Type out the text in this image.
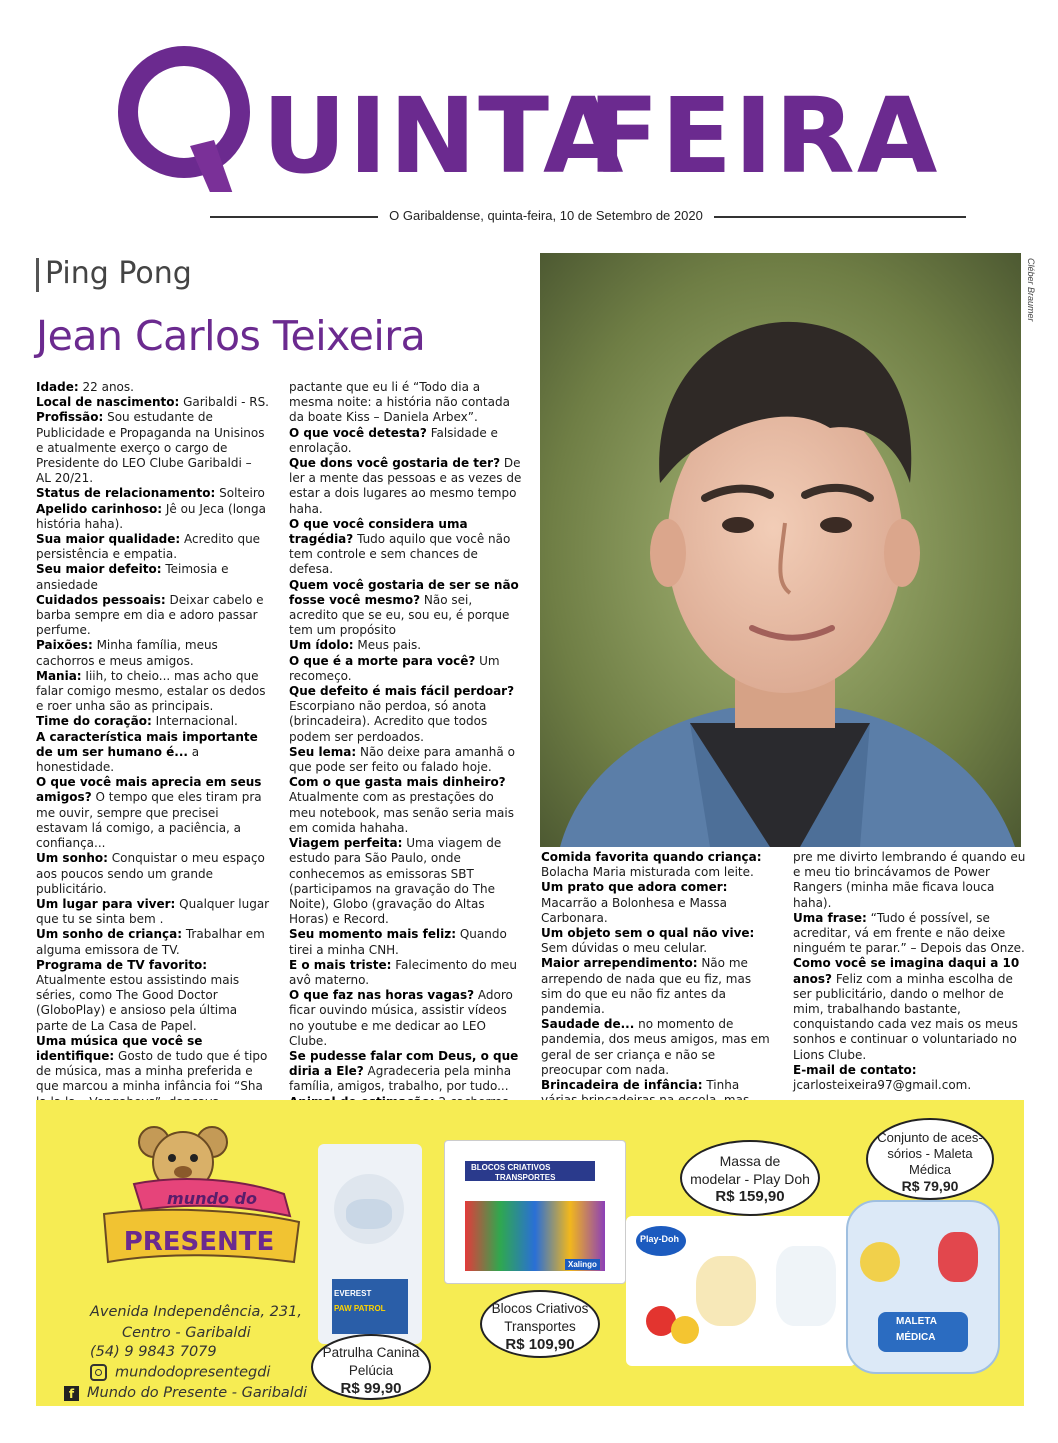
UINTA
FEIRA
O Garibaldense, quinta-feira, 10 de Setembro de 2020
Ping Pong
Jean Carlos Teixeira

Idade: 22 anos.

Local de nascimento: Garibaldi - RS.

Profissão: Sou estudante de Publicidade e Propaganda na Unisinos e atualmente exerço o cargo de Presidente do LEO Clube Garibaldi – AL 20/21.

Status de relacionamento: Solteiro

Apelido carinhoso: Jê ou Jeca (longa história haha).

Sua maior qualidade: Acredito que persistência e empatia.

Seu maior defeito: Teimosia e ansiedade

Cuidados pessoais: Deixar cabelo e barba sempre em dia e adoro passar perfume.

Paixões: Minha família, meus cachorros e meus amigos.

Mania: Iiih, to cheio... mas acho que falar comigo mesmo, estalar os dedos e roer unha são as principais.

Time do coração: Internacional.

A característica mais importante de um ser humano é... a honestidade.

O que você mais aprecia em seus amigos? O tempo que eles tiram pra me ouvir, sempre que precisei estavam lá comigo, a paciência, a confiança...

Um sonho: Conquistar o meu espaço aos poucos sendo um grande publicitário.

Um lugar para viver: Qualquer lugar que tu se sinta bem .

Um sonho de criança: Trabalhar em alguma emissora de TV.

Programa de TV favorito: Atualmente estou assistindo mais séries, como The Good Doctor (GloboPlay) e ansioso pela última parte de La Casa de Papel.

Uma música que você se identifique: Gosto de tudo que é tipo de música, mas a minha preferida e que marcou a minha infância foi “Sha

pactante que eu li é “Todo dia a mesma noite: a história não contada da boate Kiss – Daniela Arbex”.

O que você detesta? Falsidade e enrolação.

Que dons você gostaria de ter? De ler a mente das pessoas e as vezes de estar a dois lugares ao mesmo tempo haha.

O que você considera uma tragédia? Tudo aquilo que você não tem controle e sem chances de defesa.

Quem você gostaria de ser se não fosse você mesmo? Não sei, acredito que se eu, sou eu, é porque tem um propósito

Um ídolo: Meus pais.

O que é a morte para você? Um recomeço.

Que defeito é mais fácil perdoar? Escorpiano não perdoa, só anota (brincadeira). Acredito que todos podem ser perdoados.

Seu lema: Não deixe para amanhã o que pode ser feito ou falado hoje.

Com o que gasta mais dinheiro? Atualmente com as prestações do meu notebook, mas senão seria mais em comida hahaha.

Viagem perfeita: Uma viagem de estudo para São Paulo, onde conhecemos as emissoras SBT (participamos na gravação do The Noite), Globo (gravação do Altas Horas) e Record.

Seu momento mais feliz: Quando tirei a minha CNH.

E o mais triste: Falecimento do meu avô materno.

O que faz nas horas vagas? Adoro ficar ouvindo música, assistir vídeos no youtube e me dedicar ao LEO Clube.

Se pudesse falar com Deus, o que diria a Ele? Agradeceria pela minha família, amigos, trabalho, por tudo...

Comida favorita quando criança: Bolacha Maria misturada com leite.

Um prato que adora comer: Macarrão a Bolonhesa e Massa Carbonara.

Um objeto sem o qual não vive: Sem dúvidas o meu celular.

Maior arrependimento: Não me arrependo de nada que eu fiz, mas sim do que eu não fiz antes da pandemia.

Saudade de... no momento de pandemia, dos meus amigos, mas em geral de ser criança e não se preocupar com nada.

Brincadeira de infância: Tinha

pre me divirto lembrando é quando eu e meu tio brincávamos de Power Rangers (minha mãe ficava louca haha).

Uma frase: “Tudo é possível, se acreditar, vá em frente e não deixe ninguém te parar.” – Depois das Onze.

Como você se imagina daqui a 10 anos? Feliz com a minha escolha de ser publicitário, dando o melhor de mim, trabalhando bastante, conquistando cada vez mais os meus sonhos e continuar o voluntariado no Lions Clube.

E-mail de contato: jcarlosteixeira97@gmail.com.

Cléber Braumer
mundo do
PRESENTE
Avenida Independência, 231,
Centro - Garibaldi
(54) 9 9843 7079
mundodopresentegdi
f Mundo do Presente - Garibaldi
EVEREST
PAW PATROL
Patrulha Canina
Pelúcia

R$ 99,90
BLOCOS CRIATIVOS
TRANSPORTES
Xalingo
Blocos Criativos
Transportes

R$ 109,90
Play-Doh
Massa de
modelar - Play Doh

R$ 159,90
MALETA
MÉDICA
Conjunto de aces-
sórios - Maleta
Médica

R$ 79,90
